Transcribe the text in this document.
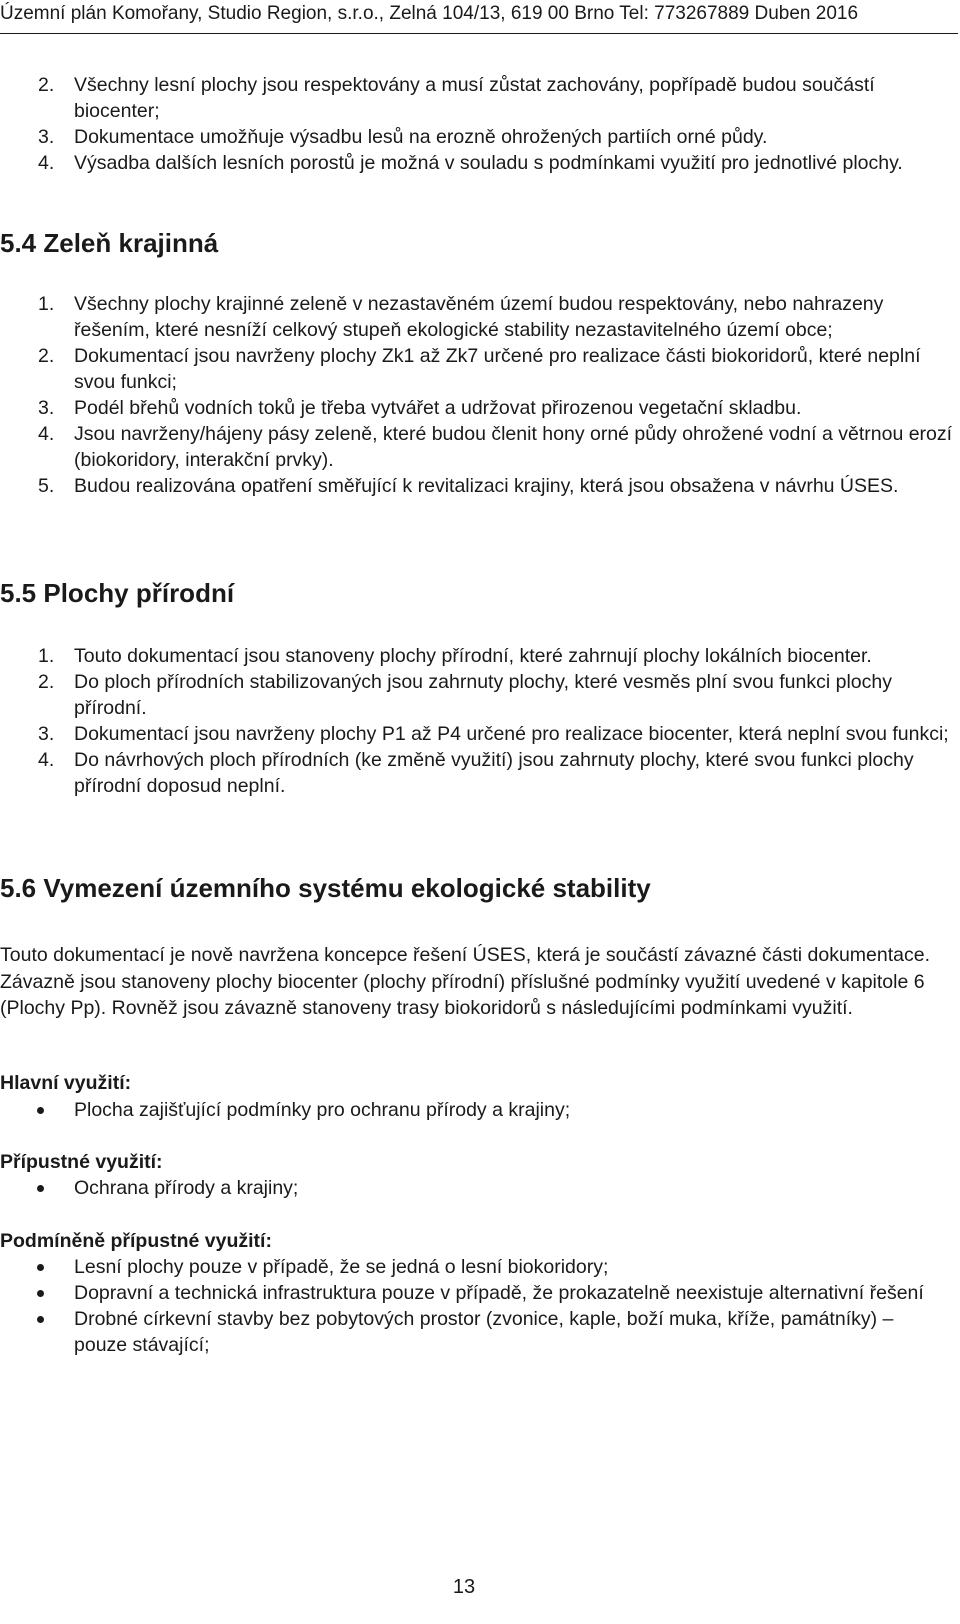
Územní plán Komořany, Studio Region, s.r.o., Zelná 104/13, 619 00 Brno Tel: 773267889 Duben 2016
2. Všechny lesní plochy jsou respektovány a musí zůstat zachovány, popřípadě budou součástí biocenter;
3. Dokumentace umožňuje výsadbu lesů na erozně ohrožených partiích orné půdy.
4. Výsadba dalších lesních porostů je možná v souladu s podmínkami využití pro jednotlivé plochy.
5.4 Zeleň krajinná
1. Všechny plochy krajinné zeleně v nezastavěném území budou respektovány, nebo nahrazeny řešením, které nesníží celkový stupeň ekologické stability nezastavitelného území obce;
2. Dokumentací jsou navrženy plochy Zk1 až Zk7 určené pro realizace části biokoridorů, které neplní svou funkci;
3. Podél břehů vodních toků je třeba vytvářet a udržovat přirozenou vegetační skladbu.
4. Jsou navrženy/hájeny pásy zeleně, které budou členit hony orné půdy ohrožené vodní a větrnou erozí (biokoridory, interakční prvky).
5. Budou realizována opatření směřující k revitalizaci krajiny, která jsou obsažena v návrhu ÚSES.
5.5 Plochy přírodní
1. Touto dokumentací jsou stanoveny plochy přírodní, které zahrnují plochy lokálních biocenter.
2. Do ploch přírodních stabilizovaných jsou zahrnuty plochy, které vesměs plní svou funkci plochy přírodní.
3. Dokumentací jsou navrženy plochy P1 až P4 určené pro realizace biocenter, která neplní svou funkci;
4. Do návrhových ploch přírodních (ke změně využití) jsou zahrnuty plochy, které svou funkci plochy přírodní doposud neplní.
5.6 Vymezení územního systému ekologické stability
Touto dokumentací je nově navržena koncepce řešení ÚSES, která je součástí závazné části dokumentace. Závazně jsou stanoveny plochy biocenter (plochy přírodní) příslušné podmínky využití uvedené v kapitole 6 (Plochy Pp). Rovněž jsou závazně stanoveny trasy biokoridorů s následujícími podmínkami využití.
Hlavní využití:
Plocha zajišťující podmínky pro ochranu přírody a krajiny;
Přípustné využití:
Ochrana přírody a krajiny;
Podmíněně přípustné využití:
Lesní plochy pouze v případě, že se jedná o lesní biokoridory;
Dopravní a technická infrastruktura pouze v případě, že prokazatelně neexistuje alternativní řešení
Drobné církevní stavby bez pobytových prostor (zvonice, kaple, boží muka, kříže, památníky) – pouze stávající;
13
